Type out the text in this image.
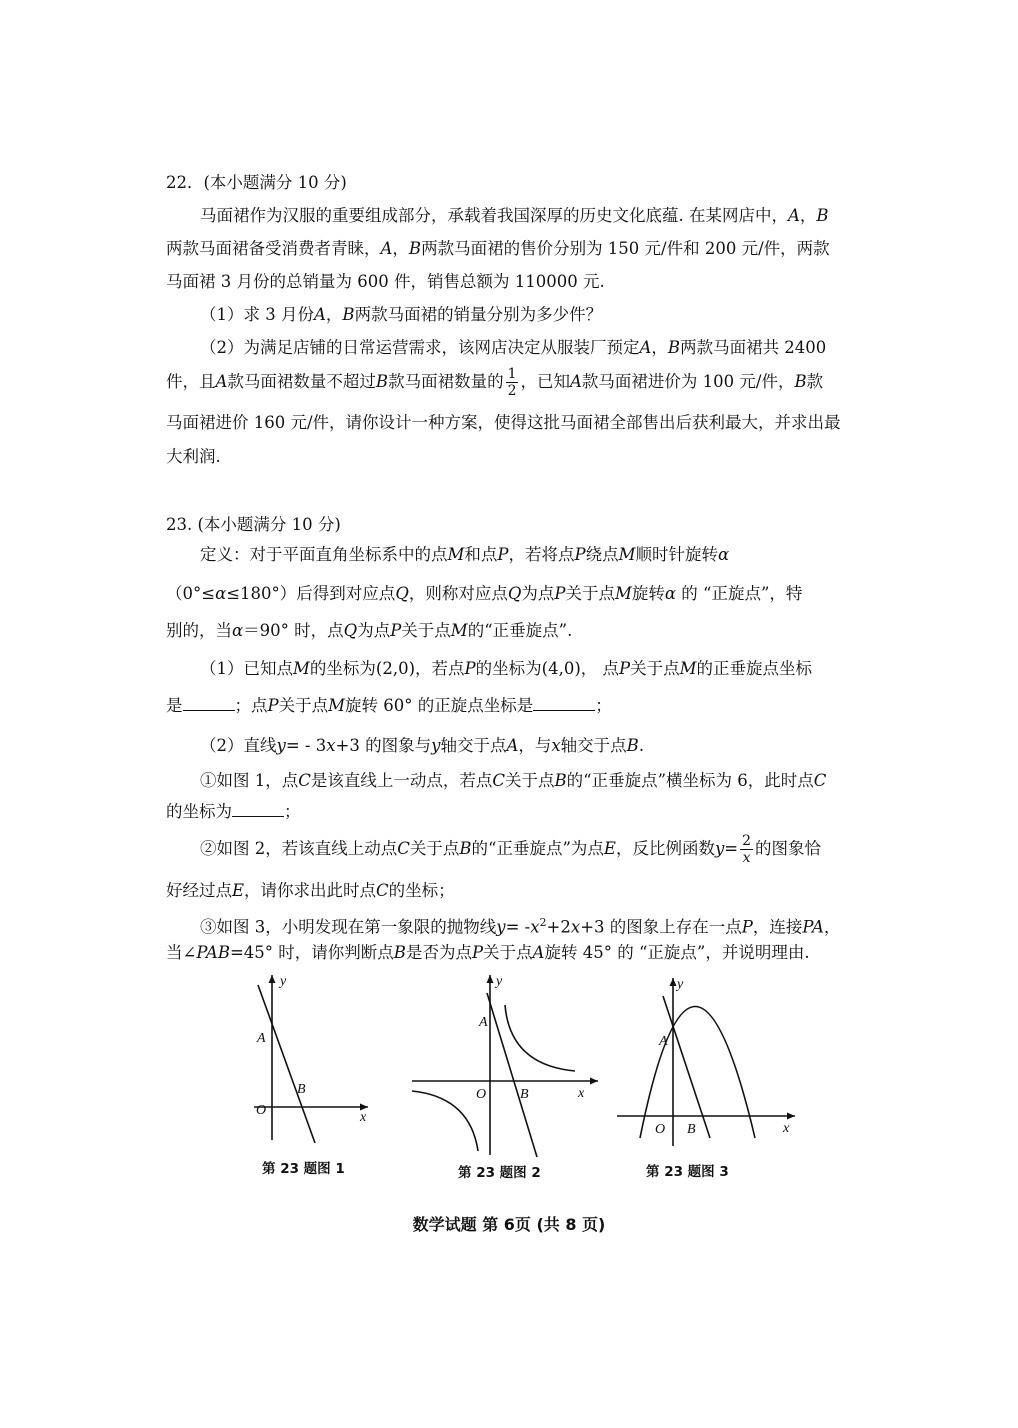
22．(本小题满分 10 分)
马面裙作为汉服的重要组成部分，承载着我国深厚的历史文化底蕴. 在某网店中，A，B
两款马面裙备受消费者青睐，A，B两款马面裙的售价分别为 150 元/件和 200 元/件，两款
马面裙 3 月份的总销量为 600 件，销售总额为 110000 元.
（1）求 3 月份A，B两款马面裙的销量分别为多少件？
（2）为满足店铺的日常运营需求，该网店决定从服装厂预定A，B两款马面裙共 2400
件，且A款马面裙数量不超过B款马面裙数量的 $\frac{1}{2}$ ，已知A款马面裙进价为 100 元/件，B款
马面裙进价 160 元/件，请你设计一种方案，使得这批马面裙全部售出后获利最大，并求出最
大利润.
23. (本小题满分 10 分)
定义：对于平面直角坐标系中的点M和点P，若将点P绕点M顺时针旋转α
（0°≤α≤180°）后得到对应点Q，则称对应点Q为点P关于点M旋转α 的 “正旋点”，特
别的，当α＝90° 时，点Q为点P关于点M的“正垂旋点”.
（1）已知点M的坐标为(2,0)，若点P的坐标为(4,0)， 点P关于点M的正垂旋点坐标
是	；点P关于点M旋转 60° 的正旋点坐标是	；
（2）直线y= - 3x+3 的图象与y轴交于点A，与x轴交于点B.
①如图 1，点C是该直线上一动点，若点C关于点B的“正垂旋点”横坐标为 6，此时点C
的坐标为	；
②如图 2，若该直线上动点C关于点B的“正垂旋点”为点E，反比例函数$y= \frac{2}{x}$ 的图象恰
好经过点E，请你求出此时点C的坐标；
③如图 3，小明发现在第一象限的抛物线$y= -x^2+2x+3$ 的图象上存在一点P，连接PA，
当∠PAB=45° 时，请你判断点B是否为点P关于点A旋转 45° 的 “正旋点”，并说明理由.
y
x
O
A
B
第 23 题图 1
y
x
O
A
B
第 23 题图 2
y
x
O
A
B
第 23 题图 3
数学试题 第 6页 (共 8 页)
